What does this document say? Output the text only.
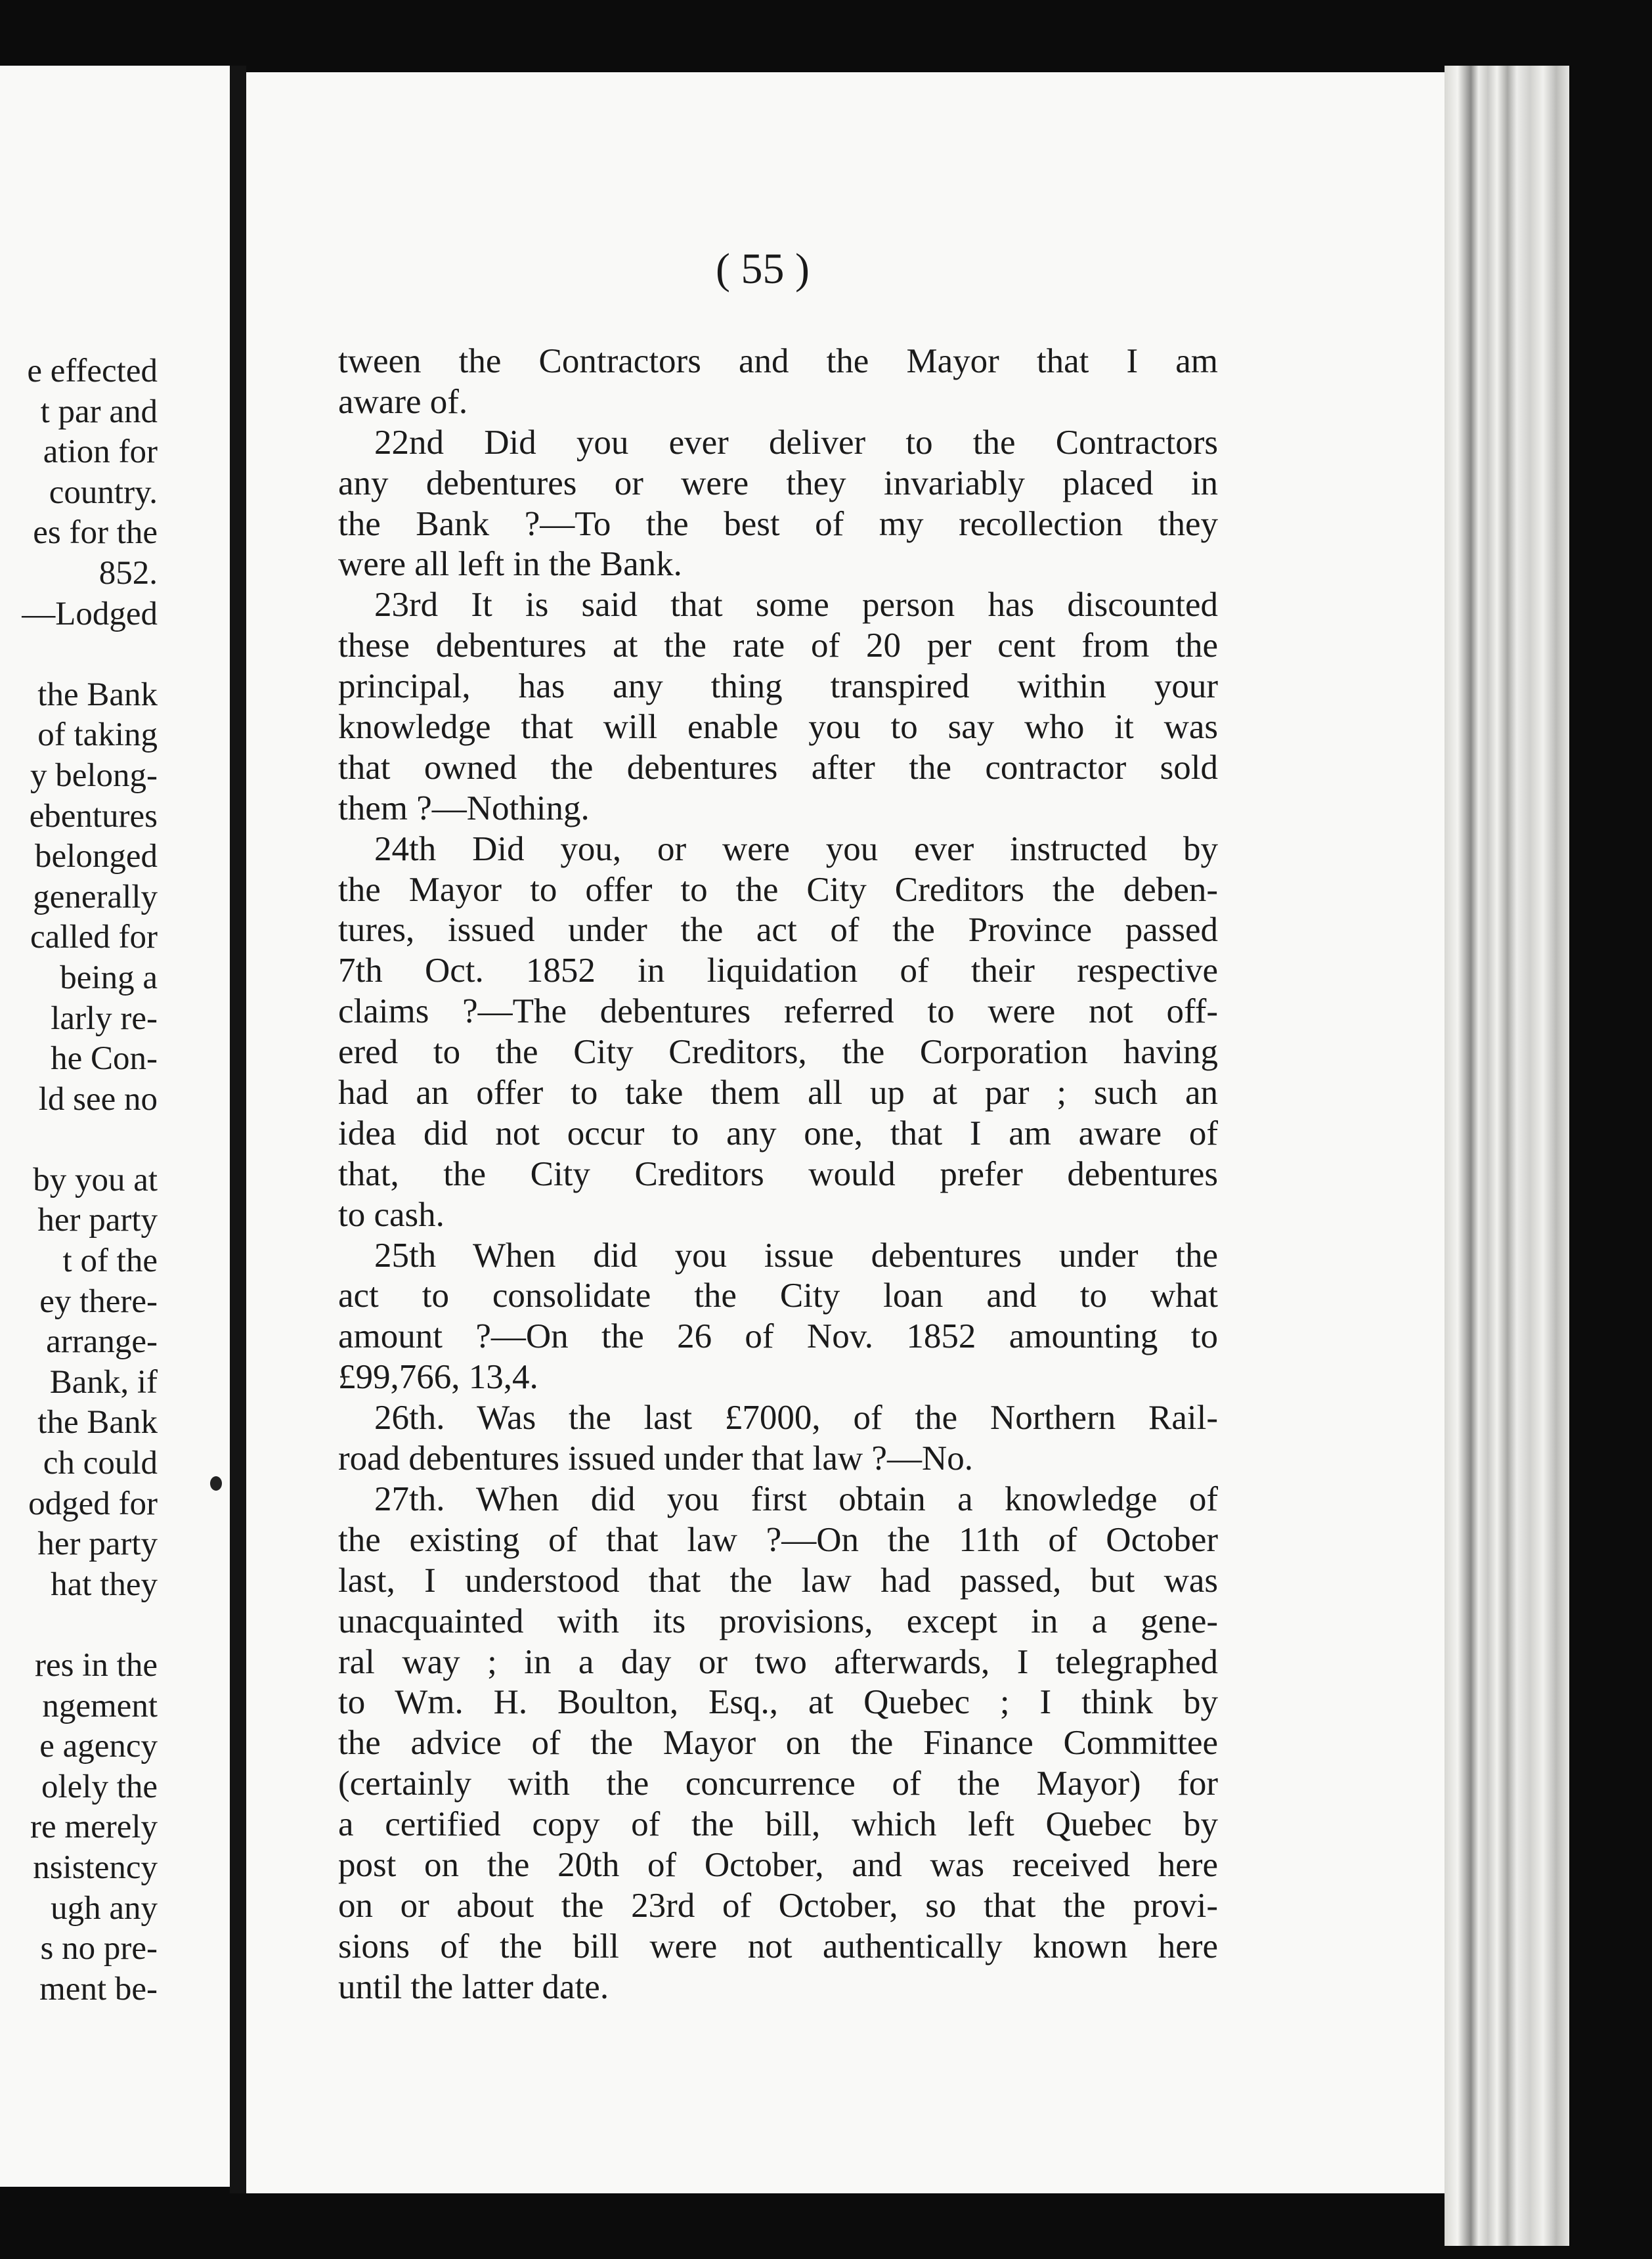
e effected
t par and
ation for
country.
es for the
852.
—Lodged
the Bank
of taking
y belong-
ebentures
belonged
generally
called for
being a
larly re-
he Con-
ld see no
by you at
her party
t of the
ey there-
arrange-
Bank, if
the Bank
ch could
odged for
her party
hat they
res in the
ngement
e agency
olely the
re merely
nsistency
ugh any
s no pre-
ment be-
( 55 )
tween the Contractors and the Mayor that I am
aware of.
22nd Did you ever deliver to the Contractors
any debentures or were they invariably placed in
the Bank ?—To the best of my recollection they
were all left in the Bank.
23rd It is said that some person has discounted
these debentures at the rate of 20 per cent from the
principal, has any thing transpired within your
knowledge that will enable you to say who it was
that owned the debentures after the contractor sold
them ?—Nothing.
24th Did you, or were you ever instructed by
the Mayor to offer to the City Creditors the deben-
tures, issued under the act of the Province passed
7th Oct. 1852 in liquidation of their respective
claims ?—The debentures referred to were not off-
ered to the City Creditors, the Corporation having
had an offer to take them all up at par ; such an
idea did not occur to any one, that I am aware of
that, the City Creditors would prefer debentures
to cash.
25th When did you issue debentures under the
act to consolidate the City loan and to what
amount ?—On the 26 of Nov. 1852 amounting to
£99,766, 13,4.
26th. Was the last £7000, of the Northern Rail-
road debentures issued under that law ?—No.
27th. When did you first obtain a knowledge of
the existing of that law ?—On the 11th of October
last, I understood that the law had passed, but was
unacquainted with its provisions, except in a gene-
ral way ; in a day or two afterwards, I telegraphed
to Wm. H. Boulton, Esq., at Quebec ; I think by
the advice of the Mayor on the Finance Committee
(certainly with the concurrence of the Mayor) for
a certified copy of the bill, which left Quebec by
post on the 20th of October, and was received here
on or about the 23rd of October, so that the provi-
sions of the bill were not authentically known here
until the latter date.
